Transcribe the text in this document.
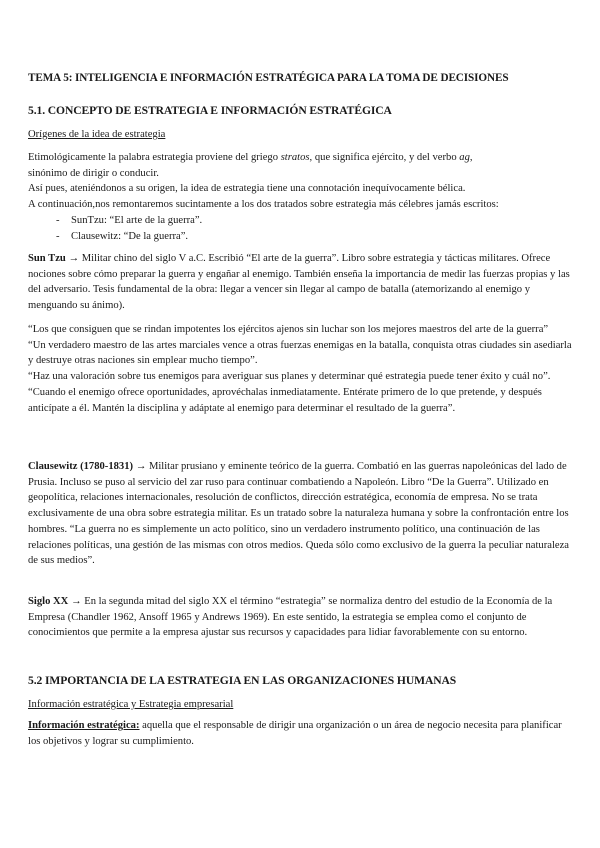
TEMA 5: INTELIGENCIA E INFORMACIÓN ESTRATÉGICA PARA LA TOMA DE DECISIONES
5.1. CONCEPTO DE ESTRATEGIA E INFORMACIÓN ESTRATÉGICA
Orígenes de la idea de estrategia

Etimológicamente la palabra estrategia proviene del griego stratos, que significa ejército, y del verbo ag,

sinónimo de dirigir o conducir.

Así pues, ateniéndonos a su origen, la idea de estrategia tiene una connotación inequívocamente bélica.

A continuación,nos remontaremos sucintamente a los dos tratados sobre estrategia más célebres jamás escritos:

- SunTzu: “El arte de la guerra”.
- Clausewitz: “De la guerra”.

Sun Tzu → Militar chino del siglo V a.C. Escribió “El arte de la guerra”. Libro sobre estrategia y tácticas militares. Ofrece nociones sobre cómo preparar la guerra y engañar al enemigo. También enseña la importancia de medir las fuerzas propias y las del adversario. Tesis fundamental de la obra: llegar a vencer sin llegar al campo de batalla (atemorizando al enemigo y menguando su ánimo).

“Los que consiguen que se rindan impotentes los ejércitos ajenos sin luchar son los mejores maestros del arte de la guerra”

“Un verdadero maestro de las artes marciales vence a otras fuerzas enemigas en la batalla, conquista otras ciudades sin asediarla y destruye otras naciones sin emplear mucho tiempo”.

“Haz una valoración sobre tus enemigos para averiguar sus planes y determinar qué estrategia puede tener éxito y cuál no”.

“Cuando el enemigo ofrece oportunidades, aprovéchalas inmediatamente. Entérate primero de lo que pretende, y después anticípate a él. Mantén la disciplina y adáptate al enemigo para determinar el resultado de la guerra”.

Clausewitz (1780-1831) → Militar prusiano y eminente teórico de la guerra. Combatió en las guerras napoleónicas del lado de Prusia. Incluso se puso al servicio del zar ruso para continuar combatiendo a Napoleón. Libro “De la Guerra”. Utilizado en geopolítica, relaciones internacionales, resolución de conflictos, dirección estratégica, economía de empresa. No se trata exclusivamente de una obra sobre estrategia militar. Es un tratado sobre la naturaleza humana y sobre la confrontación entre los hombres. “La guerra no es simplemente un acto político, sino un verdadero instrumento político, una continuación de las relaciones políticas, una gestión de las mismas con otros medios. Queda sólo como exclusivo de la guerra la peculiar naturaleza de sus medios”.

Siglo XX → En la segunda mitad del siglo XX el término “estrategia” se normaliza dentro del estudio de la Economía de la Empresa (Chandler 1962, Ansoff 1965 y Andrews 1969). En este sentido, la estrategia se emplea como el conjunto de conocimientos que permite a la empresa ajustar sus recursos y capacidades para lidiar favorablemente con su entorno.

5.2 IMPORTANCIA DE LA ESTRATEGIA EN LAS ORGANIZACIONES HUMANAS
Información estratégica y Estrategia empresarial

Información estratégica: aquella que el responsable de dirigir una organización o un área de negocio necesita para planificar los objetivos y lograr su cumplimiento.
